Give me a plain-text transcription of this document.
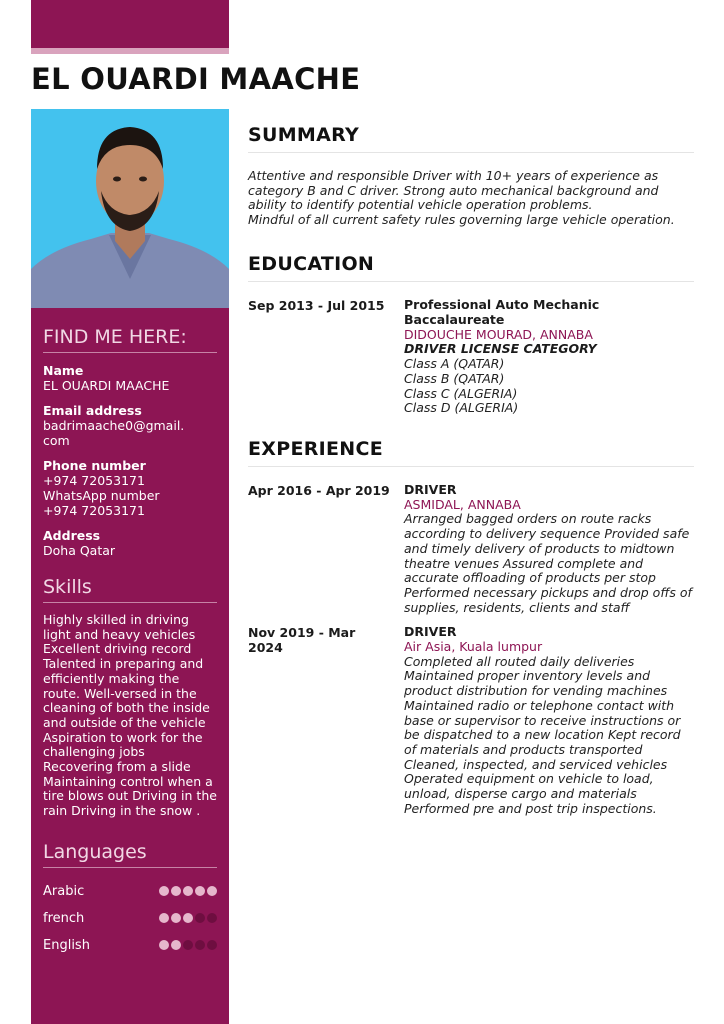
EL OUARDI MAACHE
FIND ME HERE:
Name
EL OUARDI MAACHE
Email address
badrimaache0@gmail.
com
Phone number
+974 72053171
WhatsApp number
+974 72053171
Address
Doha Qatar
Skills

Highly skilled in driving light and heavy vehicles Excellent driving record Talented in preparing and efficiently making the route. Well-versed in the cleaning of both the inside and outside of the vehicle Aspiration to work for the challenging jobs Recovering from a slide Maintaining control when a tire blows out Driving in the rain Driving in the snow .

Languages
Arabic
french
English
SUMMARY

Attentive and responsible Driver with 10+ years of experience as category B and C driver. Strong auto mechanical background and ability to identify potential vehicle operation problems.
Mindful of all current safety rules governing large vehicle operation.

EDUCATION
Sep 2013 - Jul 2015	Professional Auto Mechanic Baccalaureate
DIDOUCHE MOURAD, ANNABA
DRIVER LICENSE CATEGORY
Class A (QATAR)
Class B (QATAR)
Class C (ALGERIA)
Class D (ALGERIA)
EXPERIENCE
Apr 2016 - Apr 2019	DRIVER
ASMIDAL, ANNABA
Arranged bagged orders on route racks according to delivery sequence Provided safe and timely delivery of products to midtown theatre venues Assured complete and accurate offloading of products per stop Performed necessary pickups and drop offs of supplies, residents, clients and staff
Nov 2019 - Mar 2024
DRIVER
Air Asia, Kuala lumpur
Completed all routed daily deliveries Maintained proper inventory levels and product distribution for vending machines Maintained radio or telephone contact with base or supervisor to receive instructions or be dispatched to a new location Kept record of materials and products transported Cleaned, inspected, and serviced vehicles Operated equipment on vehicle to load, unload, disperse cargo and materials Performed pre and post trip inspections.
